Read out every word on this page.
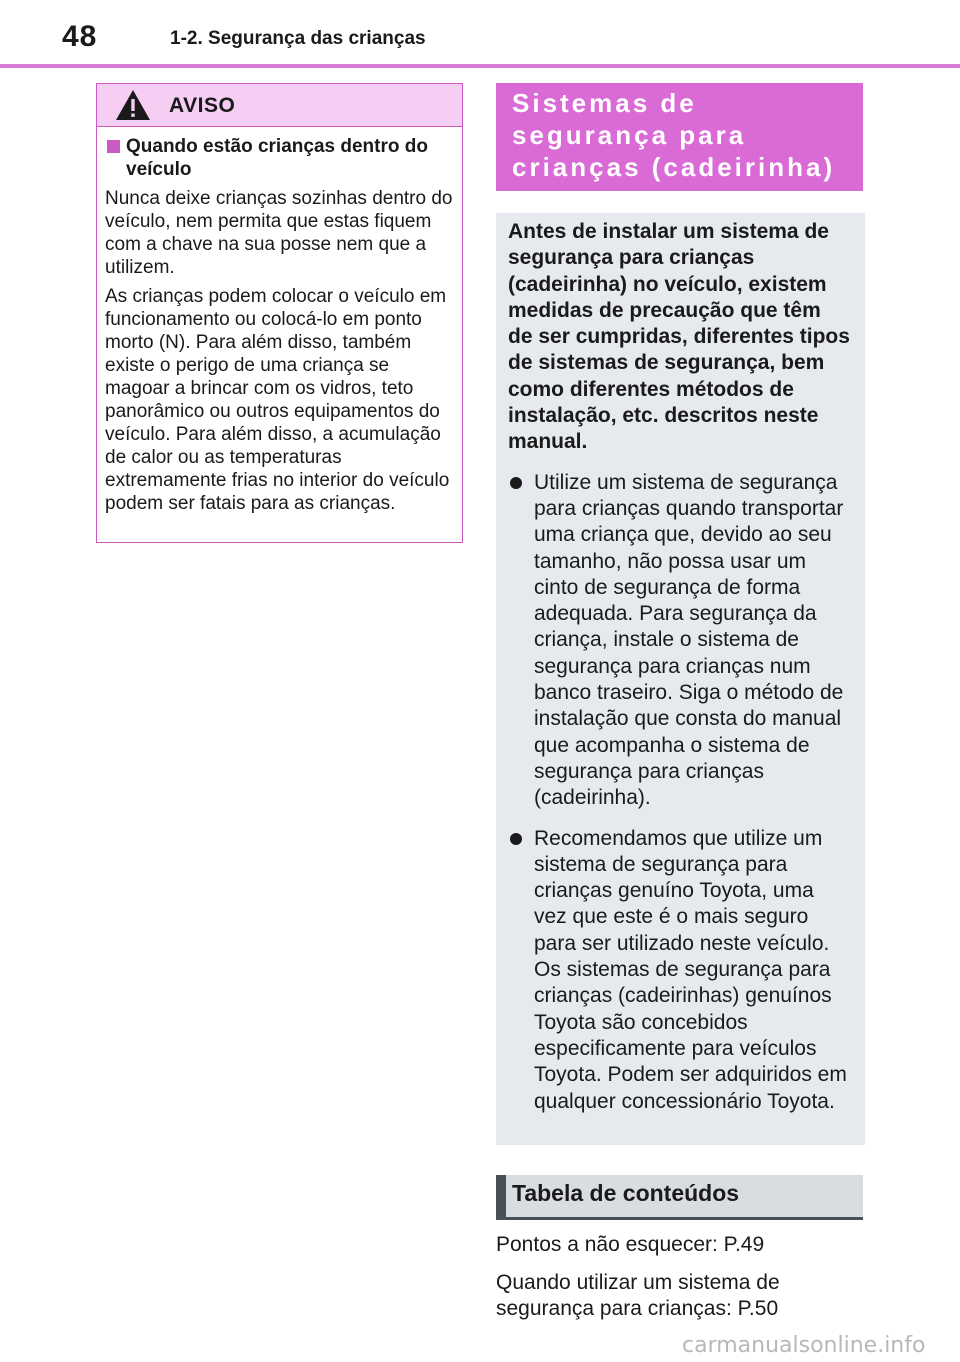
48	1-2. Segurança das crianças
AVISO
Quando estão crianças dentro do veículo

Nunca deixe crianças sozinhas dentro do veículo, nem permita que estas fiquem com a chave na sua posse nem que a utilizem.

As crianças podem colocar o veículo em funcionamento ou colocá-lo em ponto morto (N). Para além disso, também existe o perigo de uma criança se magoar a brincar com os vidros, teto panorâmico ou outros equipamentos do veículo. Para além disso, a acumulação de calor ou as temperaturas extremamente frias no interior do veículo podem ser fatais para as crianças.

Sistemas de segurança para crianças (cadeirinha)

Antes de instalar um sistema de segurança para crianças (cadeirinha) no veículo, existem medidas de precaução que têm de ser cumpridas, diferentes tipos de sistemas de segurança, bem como diferentes métodos de instalação, etc. descritos neste manual.

Utilize um sistema de segurança para crianças quando transportar uma criança que, devido ao seu tamanho, não possa usar um cinto de segurança de forma adequada. Para segurança da criança, instale o sistema de segurança para crianças num banco traseiro. Siga o método de instalação que consta do manual que acompanha o sistema de segurança para crianças (cadeirinha).
Recomendamos que utilize um sistema de segurança para crianças genuíno Toyota, uma vez que este é o mais seguro para ser utilizado neste veículo. Os sistemas de segurança para crianças (cadeirinhas) genuínos Toyota são concebidos especificamente para veículos Toyota. Podem ser adquiridos em qualquer concessionário Toyota.
Tabela de conteúdos
Pontos a não esquecer: P.49
Quando utilizar um sistema de segurança para crianças: P.50
carmanualsonline.info
